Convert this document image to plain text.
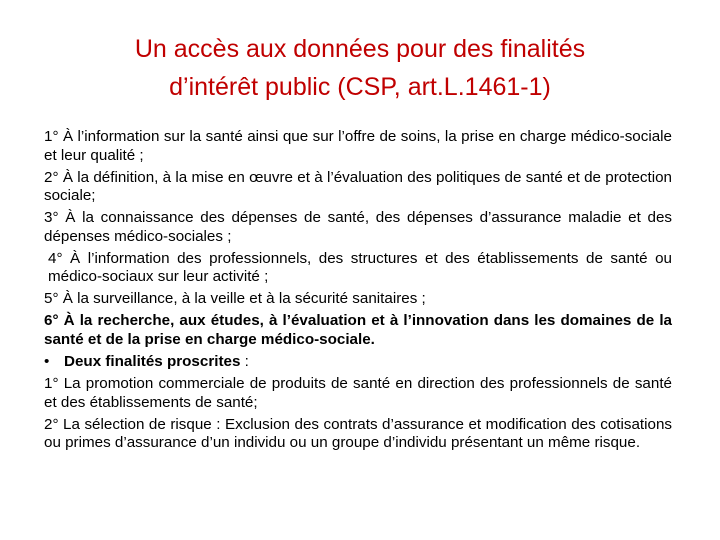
Un accès aux données pour des finalités
d’intérêt public (CSP, art.L.1461-1)

1° À l’information sur la santé ainsi que sur l’offre de soins, la prise en charge médico-sociale et leur qualité ;

2° À la définition, à la mise en œuvre et à l’évaluation des politiques de santé et de protection sociale;

3° À la connaissance des dépenses de santé, des dépenses d’assurance maladie et des dépenses médico-sociales ;

4° À l’information des professionnels, des structures et des établissements de santé ou médico-sociaux sur leur activité ;

5° À la surveillance, à la veille et à la sécurité sanitaires ;

6° À la recherche, aux études, à l’évaluation et à l’innovation dans les domaines de la santé et de la prise en charge médico-sociale.

• Deux finalités proscrites :

1° La promotion commerciale de produits de santé en direction des professionnels de santé et des établissements de santé;

2° La sélection de risque : Exclusion des contrats d’assurance et modification des cotisations ou primes d’assurance d’un individu ou un groupe d’individu présentant un même risque.
